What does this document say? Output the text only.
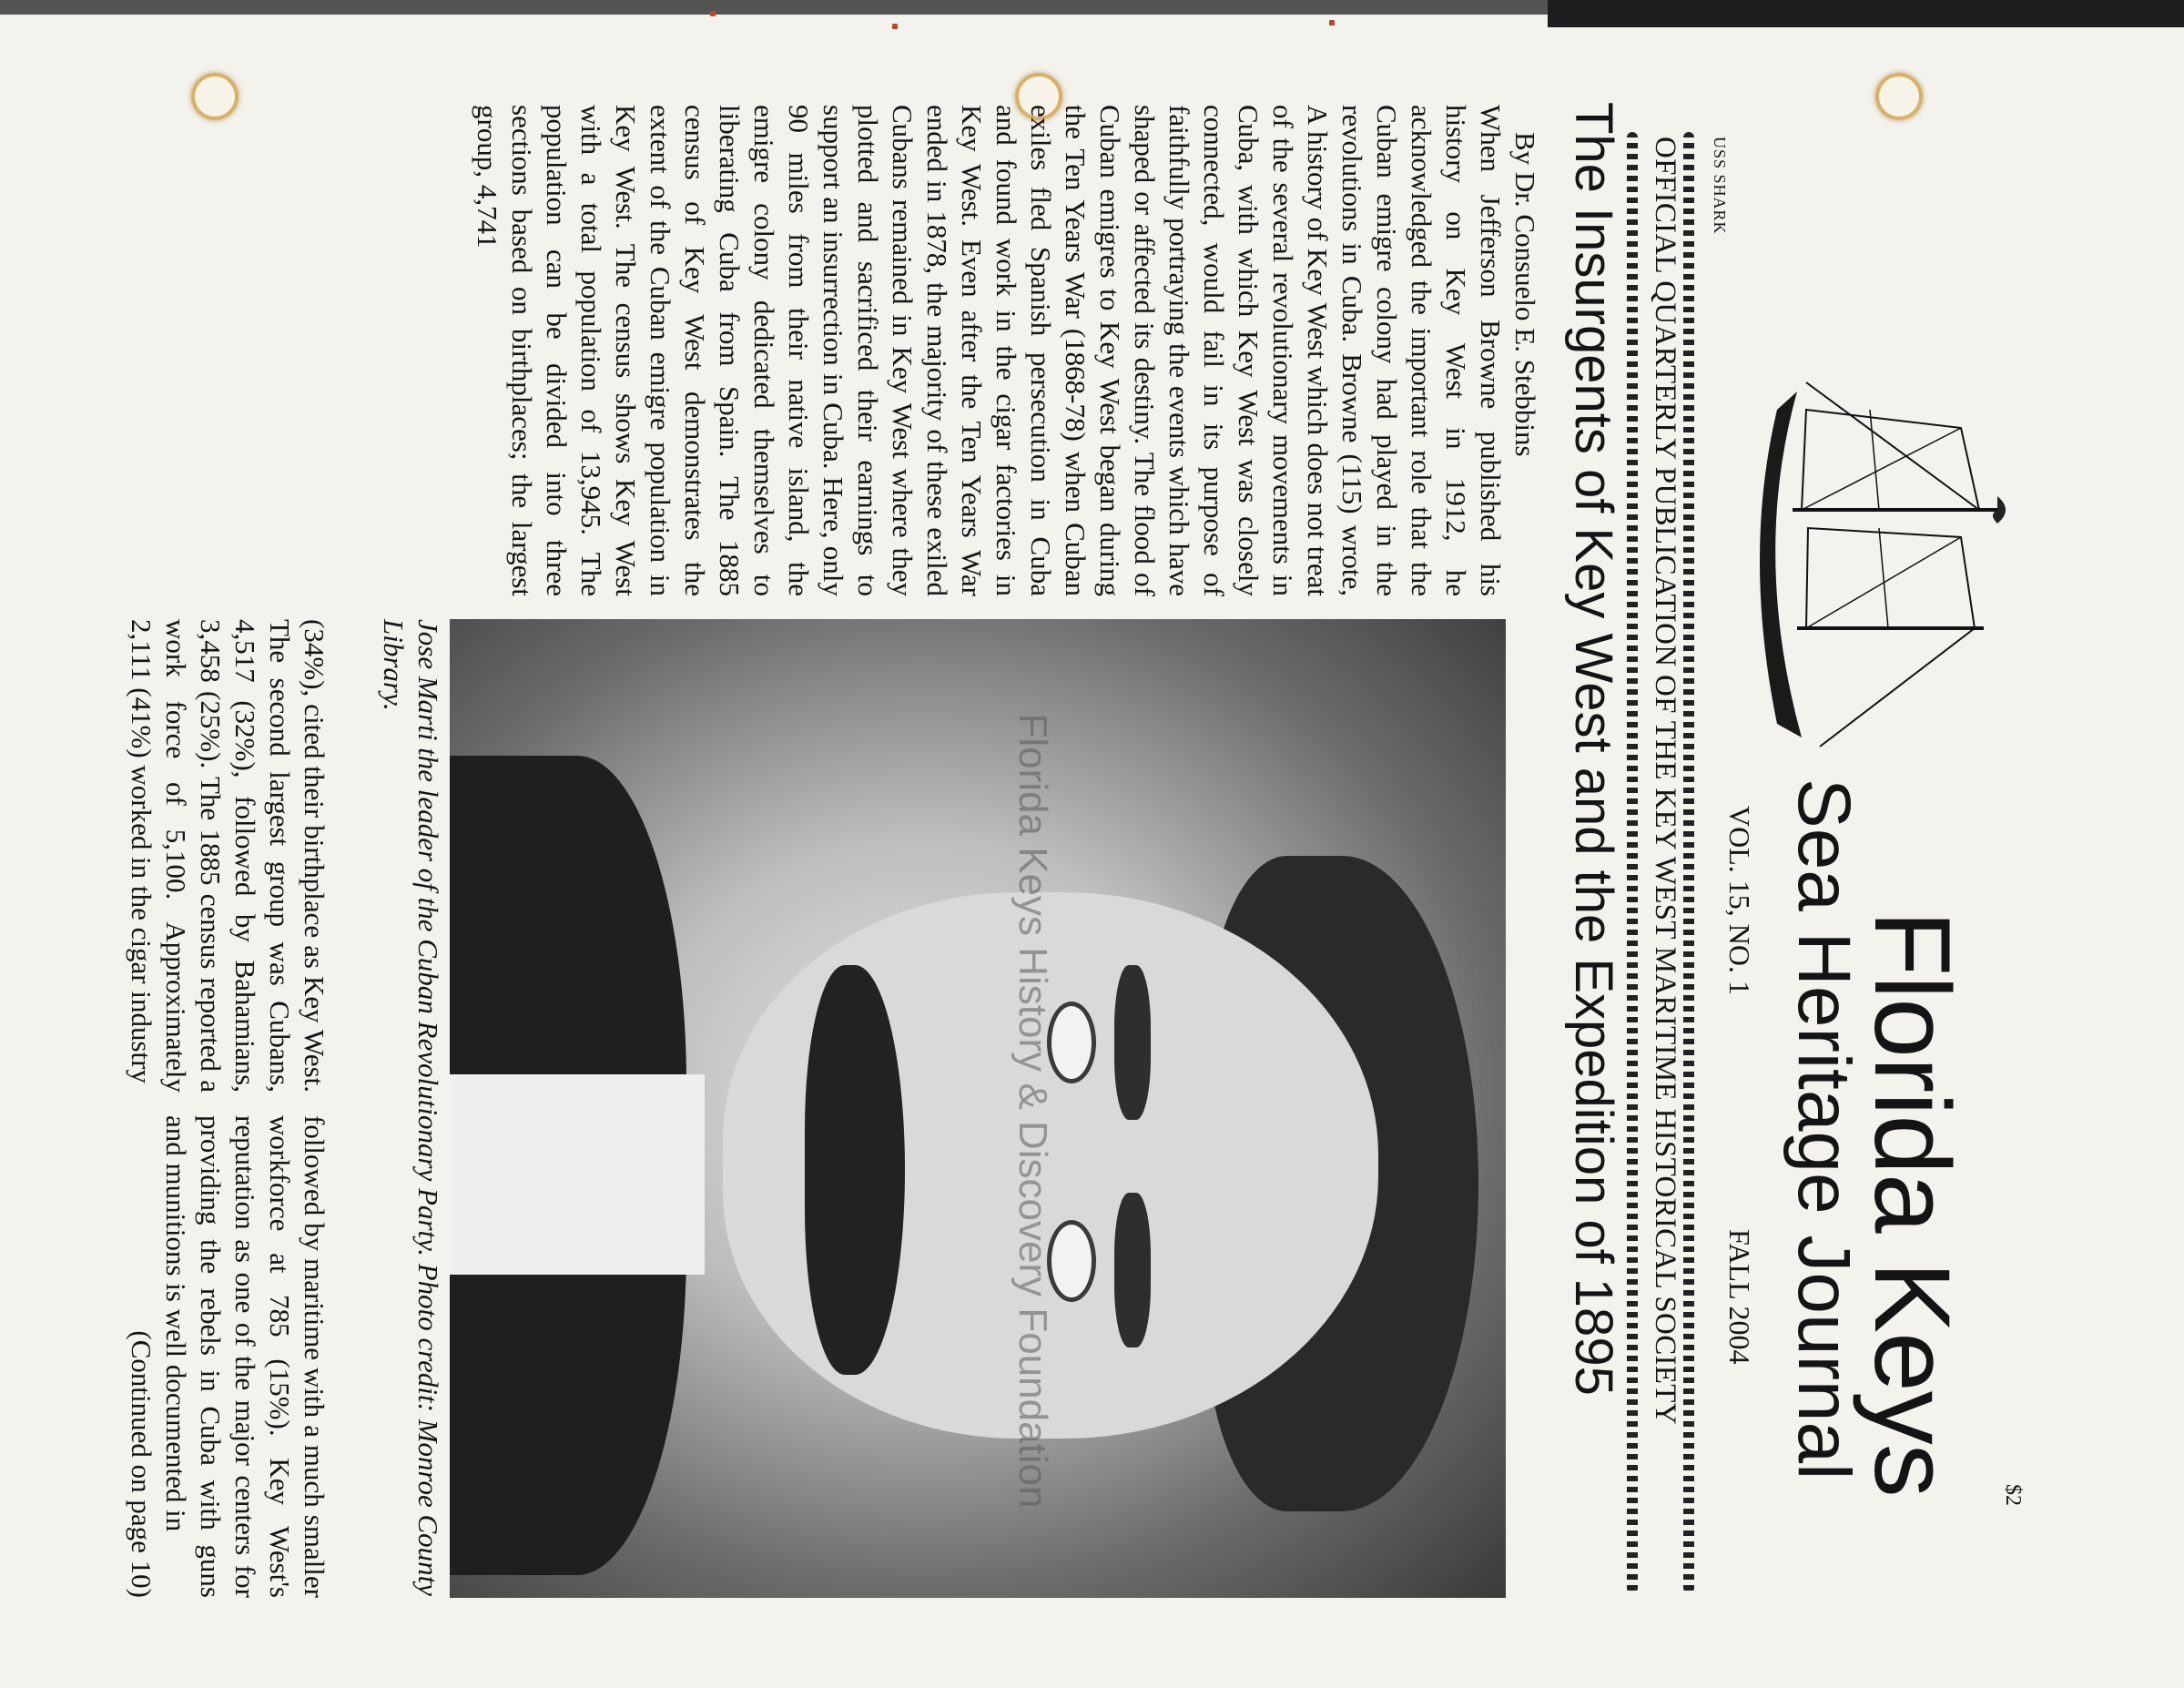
$2
USS SHARK
Florida Keys
Sea Heritage Journal
VOL. 15, NO. 1
FALL 2004
OFFICIAL QUARTERLY PUBLICATION OF THE KEY WEST MARITIME HISTORICAL SOCIETY
The Insurgents of Key West and the Expedition of 1895

By Dr. Consuelo E. Stebbins

When Jefferson Browne published his history on Key West in 1912, he acknowledged the important role that the Cuban emigre colony had played in the revolutions in Cuba. Browne (115) wrote, A history of Key West which does not treat of the several revolutionary movements in Cuba, with which Key West was closely connected, would fail in its purpose of faithfully portraying the events which have shaped or affected its destiny. The flood of Cuban emigres to Key West began during the Ten Years War (1868-78) when Cuban exiles fled Spanish persecution in Cuba and found work in the cigar factories in Key West. Even after the Ten Years War ended in 1878, the majority of these exiled Cubans remained in Key West where they plotted and sacrificed their earnings to support an insurrection in Cuba. Here, only 90 miles from their native island, the emigre colony dedicated themselves to liberating Cuba from Spain. The 1885 census of Key West demonstrates the extent of the Cuban emigre population in Key West. The census shows Key West with a total population of 13,945. The population can be divided into three sections based on birthplaces; the largest group, 4,741

Jose Marti the leader of the Cuban Revolutionary Party. Photo credit: Monroe County Library.
Florida Keys History & Discovery Foundation

(34%), cited their birthplace as Key West. The second largest group was Cubans, 4,517 (32%), followed by Bahamians, 3,458 (25%). The 1885 census reported a work force of 5,100. Approximately 2,111 (41%) worked in the cigar industry

followed by maritime with a much smaller workforce at 785 (15%). Key West's reputation as one of the major centers for providing the rebels in Cuba with guns and munitions is well documented in

(Continued on page 10)
